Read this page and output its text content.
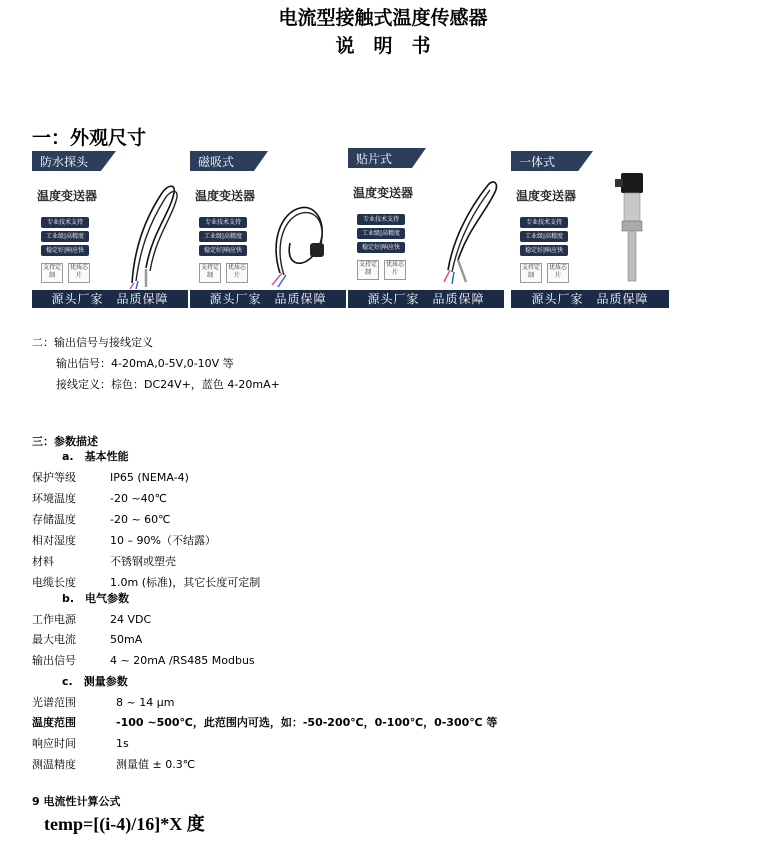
电流型接触式温度传感器
说　明　书
一：外观尺寸
防水探头
温度变送器
专业技术支持
工业级|高精度
稳定好|响应快
支持定制
优质芯片
源头厂家　品质保障
磁吸式
温度变送器
专业技术支持
工业级|高精度
稳定好|响应快
支持定制
优质芯片
源头厂家　品质保障
贴片式
温度变送器
专业技术支持
工业级|高精度
稳定好|响应快
支持定制
优质芯片
源头厂家　品质保障
一体式
温度变送器
专业技术支持
工业级|高精度
稳定好|响应快
支持定制
优质芯片
源头厂家　品质保障
二：输出信号与接线定义
输出信号：4-20mA,0-5V,0-10V 等
接线定义：棕色：DC24V+，蓝色 4-20mA+
三：参数描述
a.　基本性能
保护等级	IP65 (NEMA-4)
环境温度	-20 ~40℃
存储温度	-20 ~ 60℃
相对湿度	10 – 90%（不结露）
材料	不锈钢或塑壳
电缆长度	1.0m (标准)，其它长度可定制
b.　电气参数
工作电源	24 VDC
最大电流	50mA
输出信号	4 ~ 20mA /RS485 Modbus
c.　测量参数
光谱范围	8 ~ 14 μm
温度范围	-100 ~500℃，此范围内可选，如：-50-200℃，0-100℃，0-300℃ 等
响应时间	1s
测温精度	测量值 ± 0.3℃
9 电流性计算公式
temp=[(i-4)/16]*X 度
